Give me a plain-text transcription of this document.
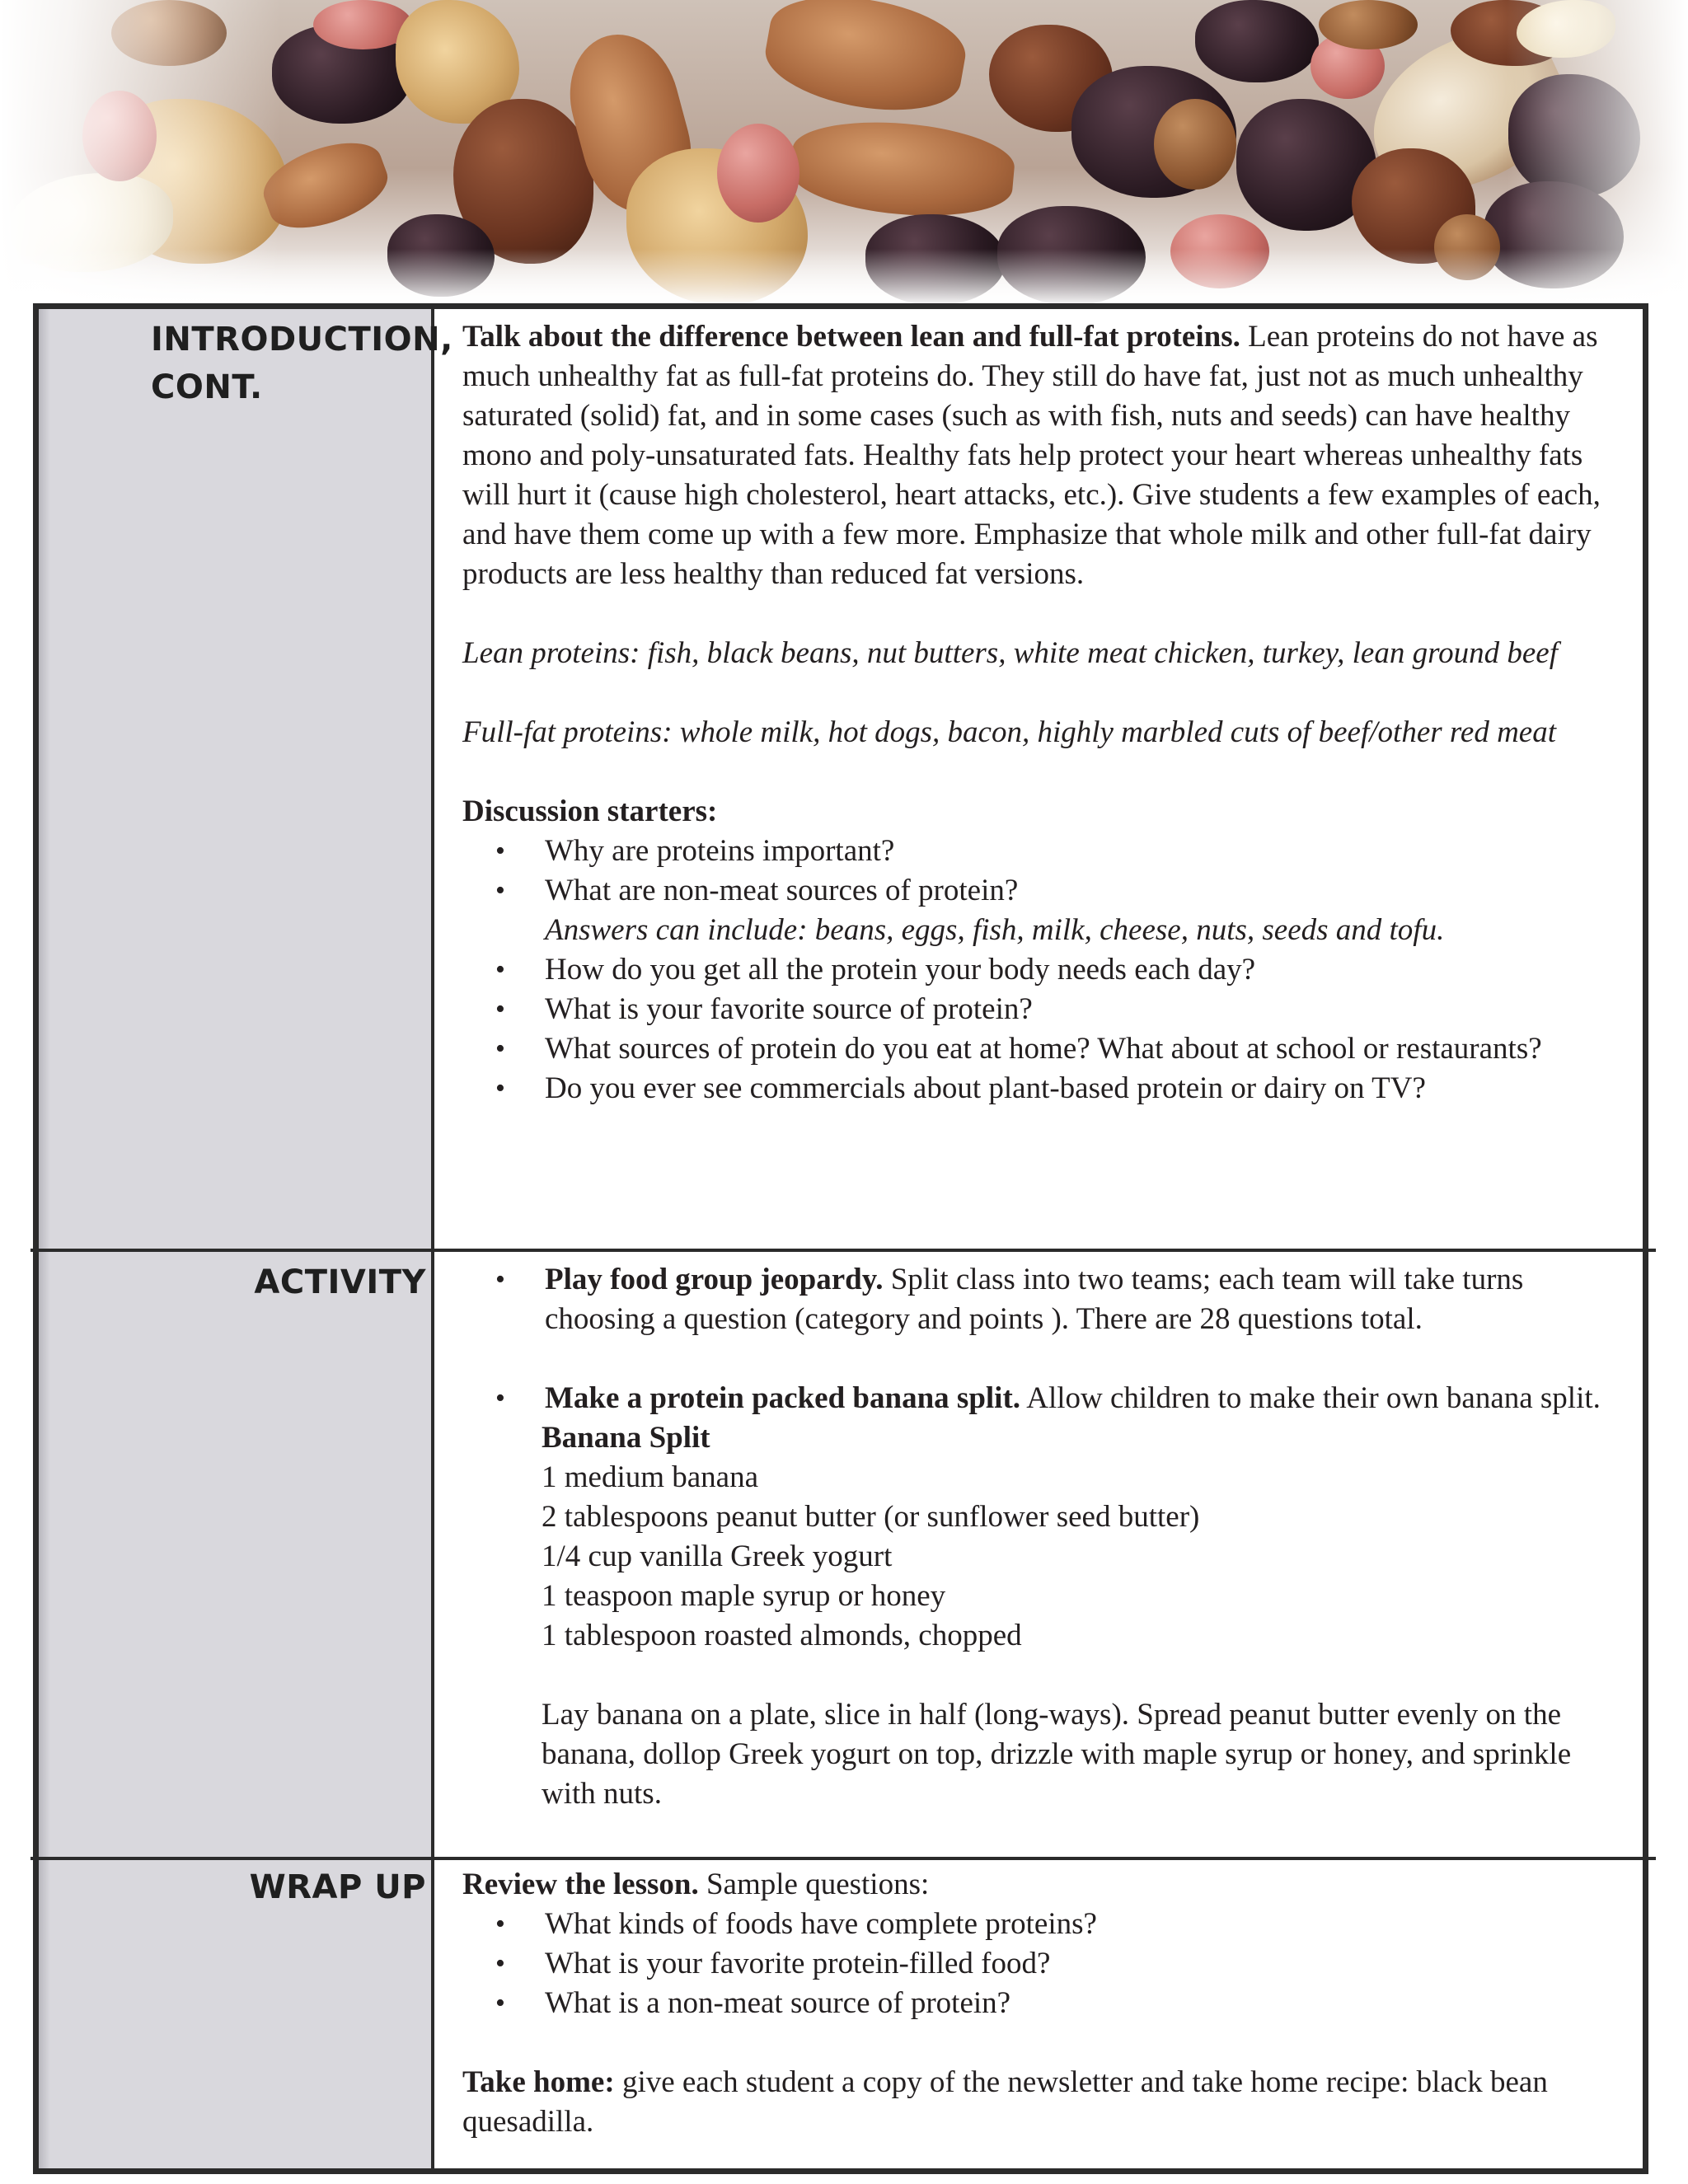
INTRODUCTION, CONT.

Talk about the difference between lean and full-fat proteins. Lean proteins do not have as much unhealthy fat as full-fat proteins do. They still do have fat, just not as much unhealthy saturated (solid) fat, and in some cases (such as with fish, nuts and seeds) can have healthy mono and poly-unsaturated fats. Healthy fats help protect your heart whereas unhealthy fats will hurt it (cause high cholesterol, heart attacks, etc.). Give students a few examples of each, and have them come up with a few more. Emphasize that whole milk and other full-fat dairy products are less healthy than reduced fat versions.

Lean proteins: fish, black beans, nut butters, white meat chicken, turkey, lean ground beef

Full-fat proteins: whole milk, hot dogs, bacon, highly marbled cuts of beef/other red meat

Discussion starters:

• Why are proteins important?
• What are non-meat sources of protein?
Answers can include: beans, eggs, fish, milk, cheese, nuts, seeds and tofu.
• How do you get all the protein your body needs each day?
• What is your favorite source of protein?
• What sources of protein do you eat at home? What about at school or restaurants?
• Do you ever see commercials about plant-based protein or dairy on TV?
ACTIVITY
•	Play food group jeopardy. Split class into two teams; each team will take turns choosing a question (category and points ). There are 28 questions total.
• Make a protein packed banana split. Allow children to make their own banana split.

Banana Split

1 medium banana

2 tablespoons peanut butter (or sunflower seed butter)

1/4 cup vanilla Greek yogurt

1 teaspoon maple syrup or honey

1 tablespoon roasted almonds, chopped

Lay banana on a plate, slice in half (long-ways). Spread peanut butter evenly on the banana, dollop Greek yogurt on top, drizzle with maple syrup or honey, and sprinkle with nuts.

WRAP UP Review the lesson. Sample questions:

• What kinds of foods have complete proteins?
• What is your favorite protein-filled food?
• What is a non-meat source of protein?

Take home: give each student a copy of the newsletter and take home recipe: black bean quesadilla.
